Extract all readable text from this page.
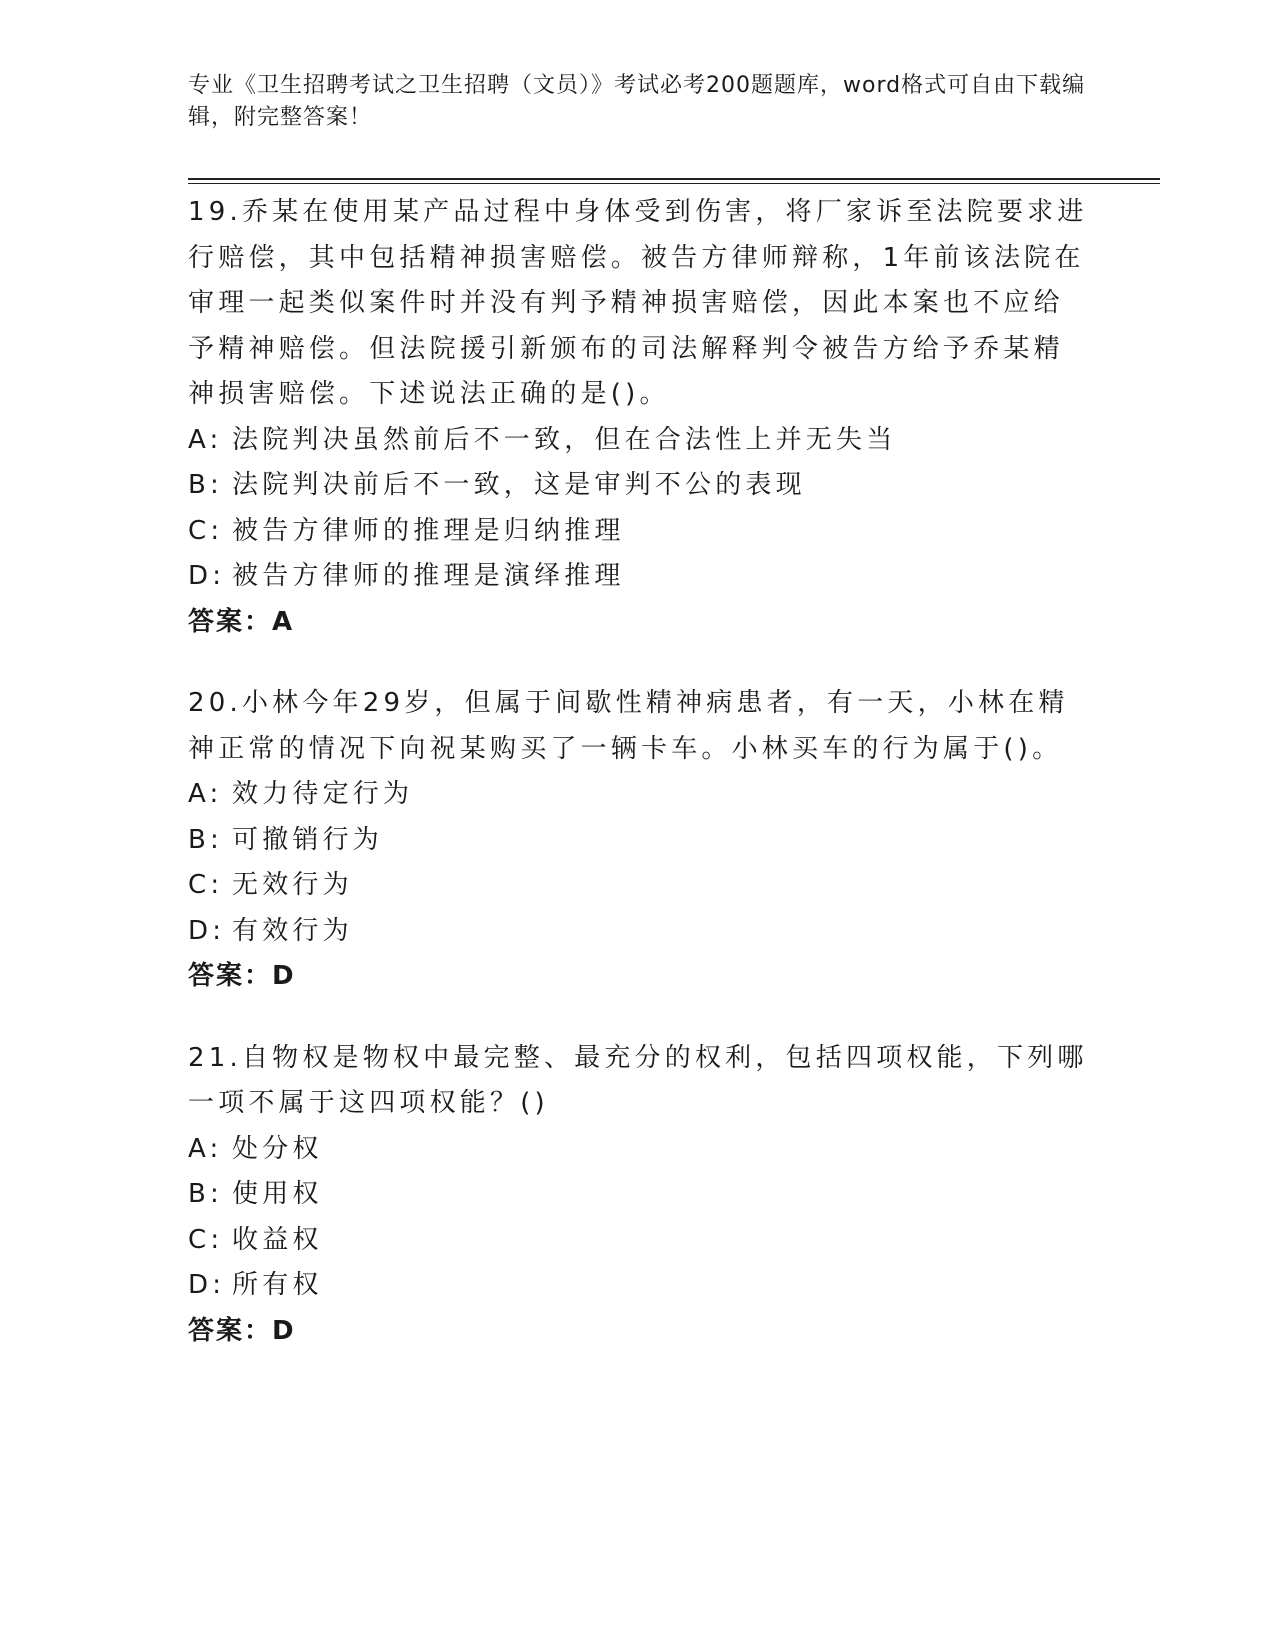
专业《卫生招聘考试之卫生招聘（文员）》考试必考200题题库，word格式可自由下载编辑，附完整答案！
19.乔某在使用某产品过程中身体受到伤害，将厂家诉至法院要求进行赔偿，其中包括精神损害赔偿。被告方律师辩称，1年前该法院在审理一起类似案件时并没有判予精神损害赔偿，因此本案也不应给予精神赔偿。但法院援引新颁布的司法解释判令被告方给予乔某精神损害赔偿。下述说法正确的是()。
A: 法院判决虽然前后不一致，但在合法性上并无失当
B: 法院判决前后不一致，这是审判不公的表现
C: 被告方律师的推理是归纳推理
D: 被告方律师的推理是演绎推理
答案：A
20.小林今年29岁，但属于间歇性精神病患者，有一天，小林在精神正常的情况下向祝某购买了一辆卡车。小林买车的行为属于()。
A: 效力待定行为
B: 可撤销行为
C: 无效行为
D: 有效行为
答案：D
21.自物权是物权中最完整、最充分的权利，包括四项权能，下列哪一项不属于这四项权能？()
A: 处分权
B: 使用权
C: 收益权
D: 所有权
答案：D
